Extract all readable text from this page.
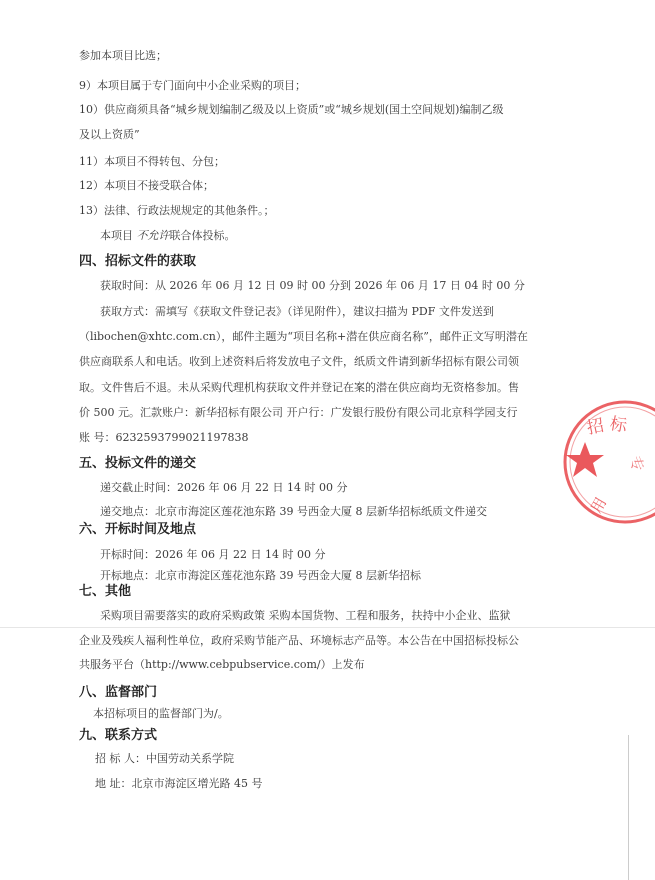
参加本项目比选；
9）本项目属于专门面向中小企业采购的项目；
10）供应商须具备“城乡规划编制乙级及以上资质”或“城乡规划(国土空间规划)编制乙级
及以上资质”
11）本项目不得转包、分包；
12）本项目不接受联合体；
13）法律、行政法规规定的其他条件。；
本项目 不允许联合体投标。
四、招标文件的获取
获取时间：从 2026 年 06 月 12 日 09 时 00 分到 2026 年 06 月 17 日 04 时 00 分
获取方式：需填写《获取文件登记表》（详见附件），建议扫描为 PDF 文件发送到
（libochen@xhtc.com.cn），邮件主题为“项目名称+潜在供应商名称”，邮件正文写明潜在
供应商联系人和电话。收到上述资料后将发放电子文件，纸质文件请到新华招标有限公司领
取。文件售后不退。未从采购代理机构获取文件并登记在案的潜在供应商均无资格参加。售
价 500 元。汇款账户：新华招标有限公司 开户行：广发银行股份有限公司北京科学园支行
账 号：6232593799021197838
五、投标文件的递交
递交截止时间：2026 年 06 月 22 日 14 时 00 分
递交地点：北京市海淀区莲花池东路 39 号西金大厦 8 层新华招标纸质文件递交
六、开标时间及地点
开标时间：2026 年 06 月 22 日 14 时 00 分
开标地点：北京市海淀区莲花池东路 39 号西金大厦 8 层新华招标
七、其他
采购项目需要落实的政府采购政策 采购本国货物、工程和服务，扶持中小企业、监狱
企业及残疾人福利性单位，政府采购节能产品、环境标志产品等。本公告在中国招标投标公
共服务平台（http://www.cebpubservice.com/）上发布
八、监督部门
本招标项目的监督部门为/。
九、联系方式
招 标 人：中国劳动关系学院
地 址：北京市海淀区增光路 45 号
招 标
专
用
